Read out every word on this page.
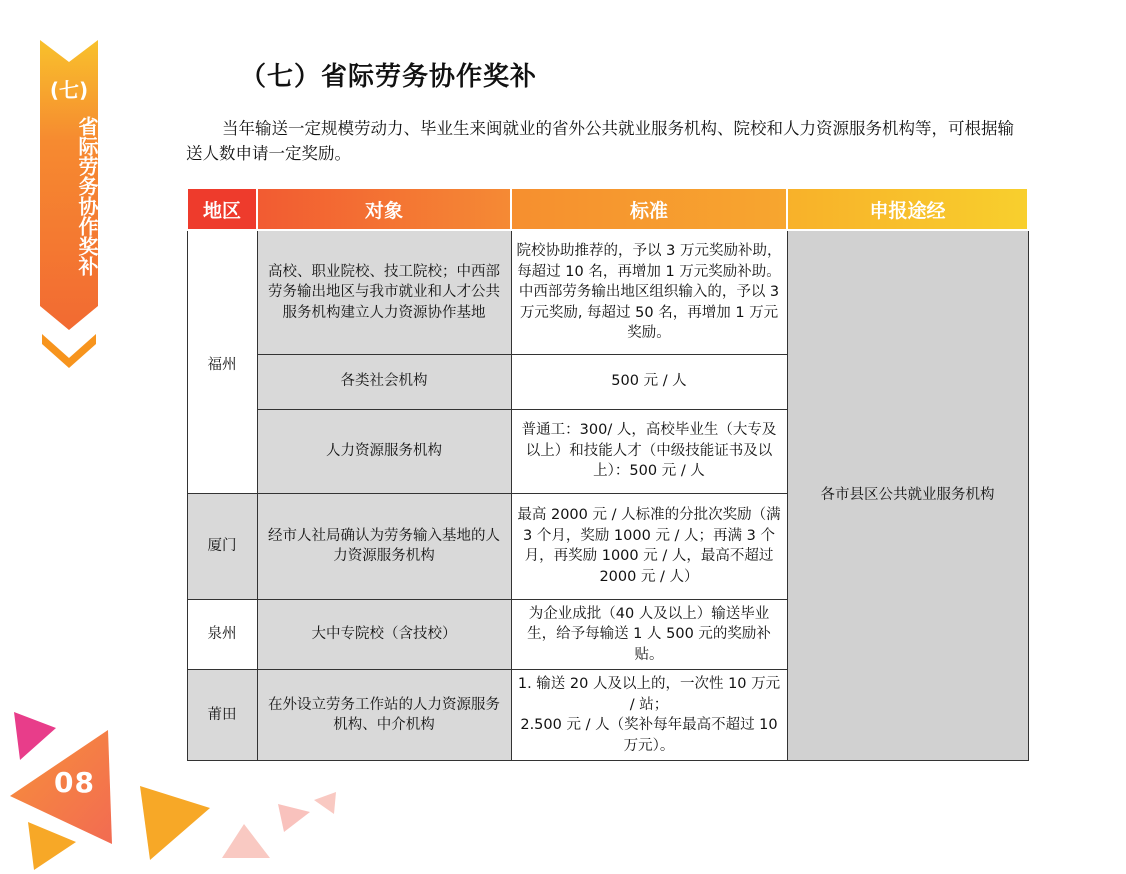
(七)
省际劳务协作奖补
（七）省际劳务协作奖补

当年输送一定规模劳动力、毕业生来闽就业的省外公共就业服务机构、院校和人力资源服务机构等，可根据输送人数申请一定奖励。

地区	对象	标准	申报途经
福州	高校、职业院校、技工院校；中西部劳务输出地区与我市就业和人才公共服务机构建立人力资源协作基地	院校协助推荐的，予以 3 万元奖励补助，每超过 10 名，再增加 1 万元奖励补助。中西部劳务输出地区组织输入的，予以 3 万元奖励, 每超过 50 名，再增加 1 万元奖励。	各市县区公共就业服务机构
	各类社会机构	500 元 / 人	
	人力资源服务机构	普通工：300/ 人，高校毕业生（大专及以上）和技能人才（中级技能证书及以上）：500 元 / 人	
厦门	经市人社局确认为劳务输入基地的人力资源服务机构	最高 2000 元 / 人标准的分批次奖励（满 3 个月，奖励 1000 元 / 人；再满 3 个月，再奖励 1000 元 / 人，最高不超过 2000 元 / 人）	
泉州	大中专院校（含技校）	为企业成批（40 人及以上）输送毕业生，给予每输送 1 人 500 元的奖励补贴。	
莆田	在外设立劳务工作站的人力资源服务机构、中介机构	1. 输送 20 人及以上的，一次性 10 万元 / 站；
2.500 元 / 人（奖补每年最高不超过 10 万元）。	
08
